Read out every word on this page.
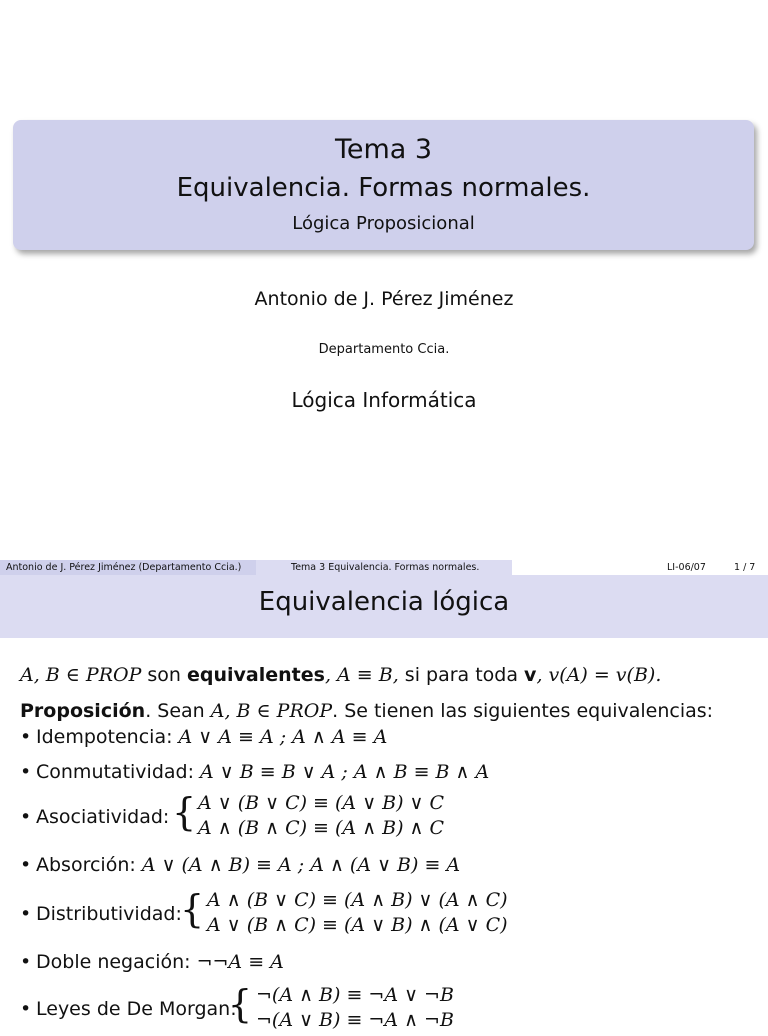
Tema 3
Equivalencia. Formas normales.
Lógica Proposicional
Antonio de J. Pérez Jiménez
Departamento Ccia.
Lógica Informática
Antonio de J. Pérez Jiménez (Departamento Ccia.)	Tema 3 Equivalencia. Formas normales.	LI-06/07	1 / 7
Equivalencia lógica
A, B ∈ PROP son equivalentes, A ≡ B, si para toda v, v(A) = v(B).
Proposición. Sean A, B ∈ PROP. Se tienen las siguientes equivalencias:
• Idempotencia: A ∨ A ≡ A ; A ∧ A ≡ A
• Conmutatividad: A ∨ B ≡ B ∨ A ; A ∧ B ≡ B ∧ A
• Asociatividad: { A ∨ (B ∨ C) ≡ (A ∨ B) ∨ C
A ∧ (B ∧ C) ≡ (A ∧ B) ∧ C
• Absorción: A ∨ (A ∧ B) ≡ A ; A ∧ (A ∨ B) ≡ A
• Distributividad:
{ A ∧ (B ∨ C) ≡ (A ∧ B) ∨ (A ∧ C)
A ∨ (B ∧ C) ≡ (A ∨ B) ∧ (A ∨ C)
• Doble negación: ¬¬A ≡ A
• Leyes de De Morgan:
{ ¬(A ∧ B) ≡ ¬A ∨ ¬B
¬(A ∨ B) ≡ ¬A ∧ ¬B
